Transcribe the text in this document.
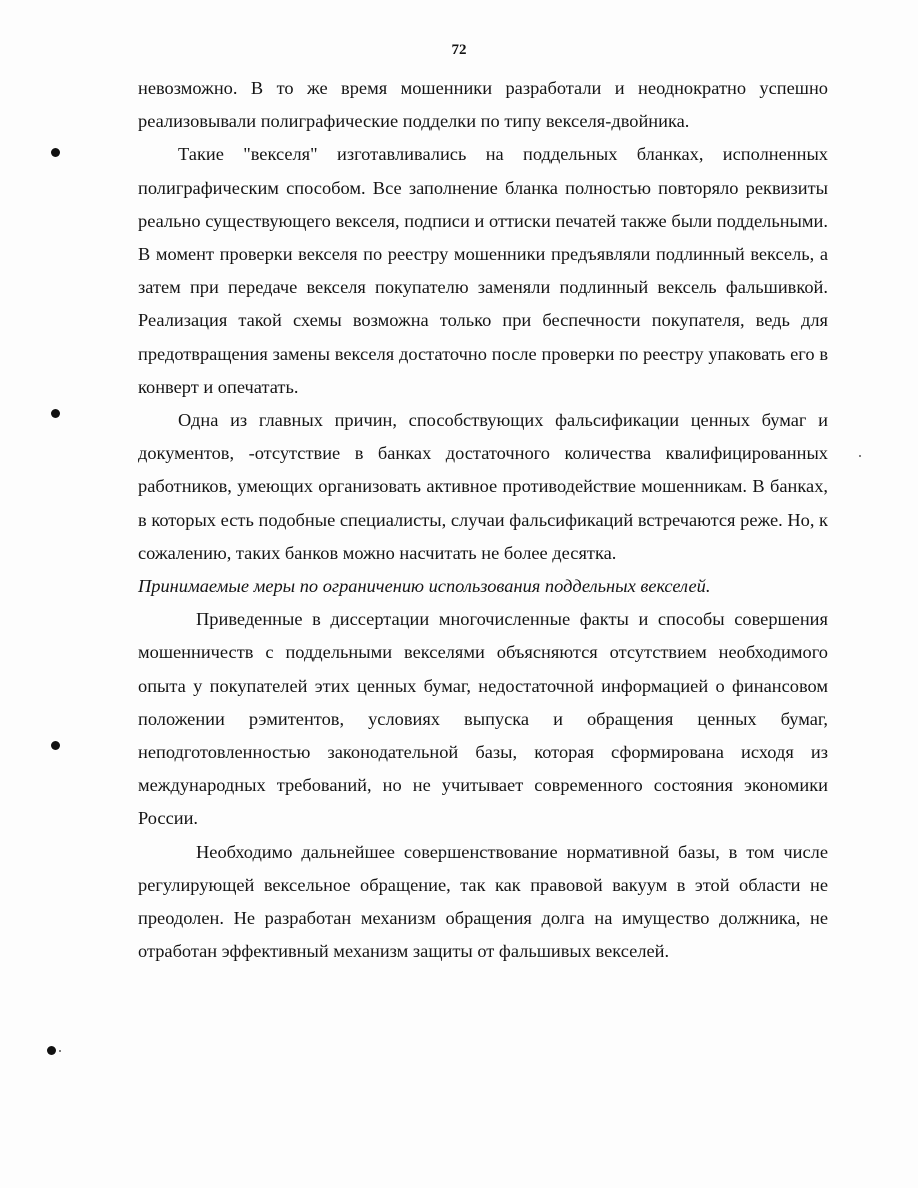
72

невозможно. В то же время мошенники разработали и неоднократно успешно реализовывали полиграфические подделки по типу векселя-двойника.

Такие "векселя" изготавливались на поддельных бланках, исполненных полиграфическим способом. Все заполнение бланка полностью повторяло реквизиты реально существующего векселя, подписи и оттиски печатей также были поддельными. В момент проверки векселя по реестру мошенники предъявляли подлинный вексель, а затем при передаче векселя покупателю заменяли подлинный вексель фальшивкой. Реализация такой схемы возможна только при беспечности покупателя, ведь для предотвращения замены векселя достаточно после проверки по реестру упаковать его в конверт и опечатать.

Одна из главных причин, способствующих фальсификации ценных бумаг и документов, -отсутствие в банках достаточного количества квалифицированных работников, умеющих организовать активное противодействие мошенникам. В банках, в которых есть подобные специалисты, случаи фальсификаций встречаются реже. Но, к сожалению, таких банков можно насчитать не более десятка.

Принимаемые меры по ограничению использования поддельных векселей.

Приведенные в диссертации многочисленные факты и способы совершения мошенничеств с поддельными векселями объясняются отсутствием необходимого опыта у покупателей этих ценных бумаг, недостаточной информацией о финансовом положении рэмитентов, условиях выпуска и обращения ценных бумаг, неподготовленностью законодательной базы, которая сформирована исходя из международных требований, но не учитывает современного состояния экономики России.

Необходимо дальнейшее совершенствование нормативной базы, в том числе регулирующей вексельное обращение, так как правовой вакуум в этой области не преодолен. Не разработан механизм обращения долга на имущество должника, не отработан эффективный механизм защиты от фальшивых векселей.
